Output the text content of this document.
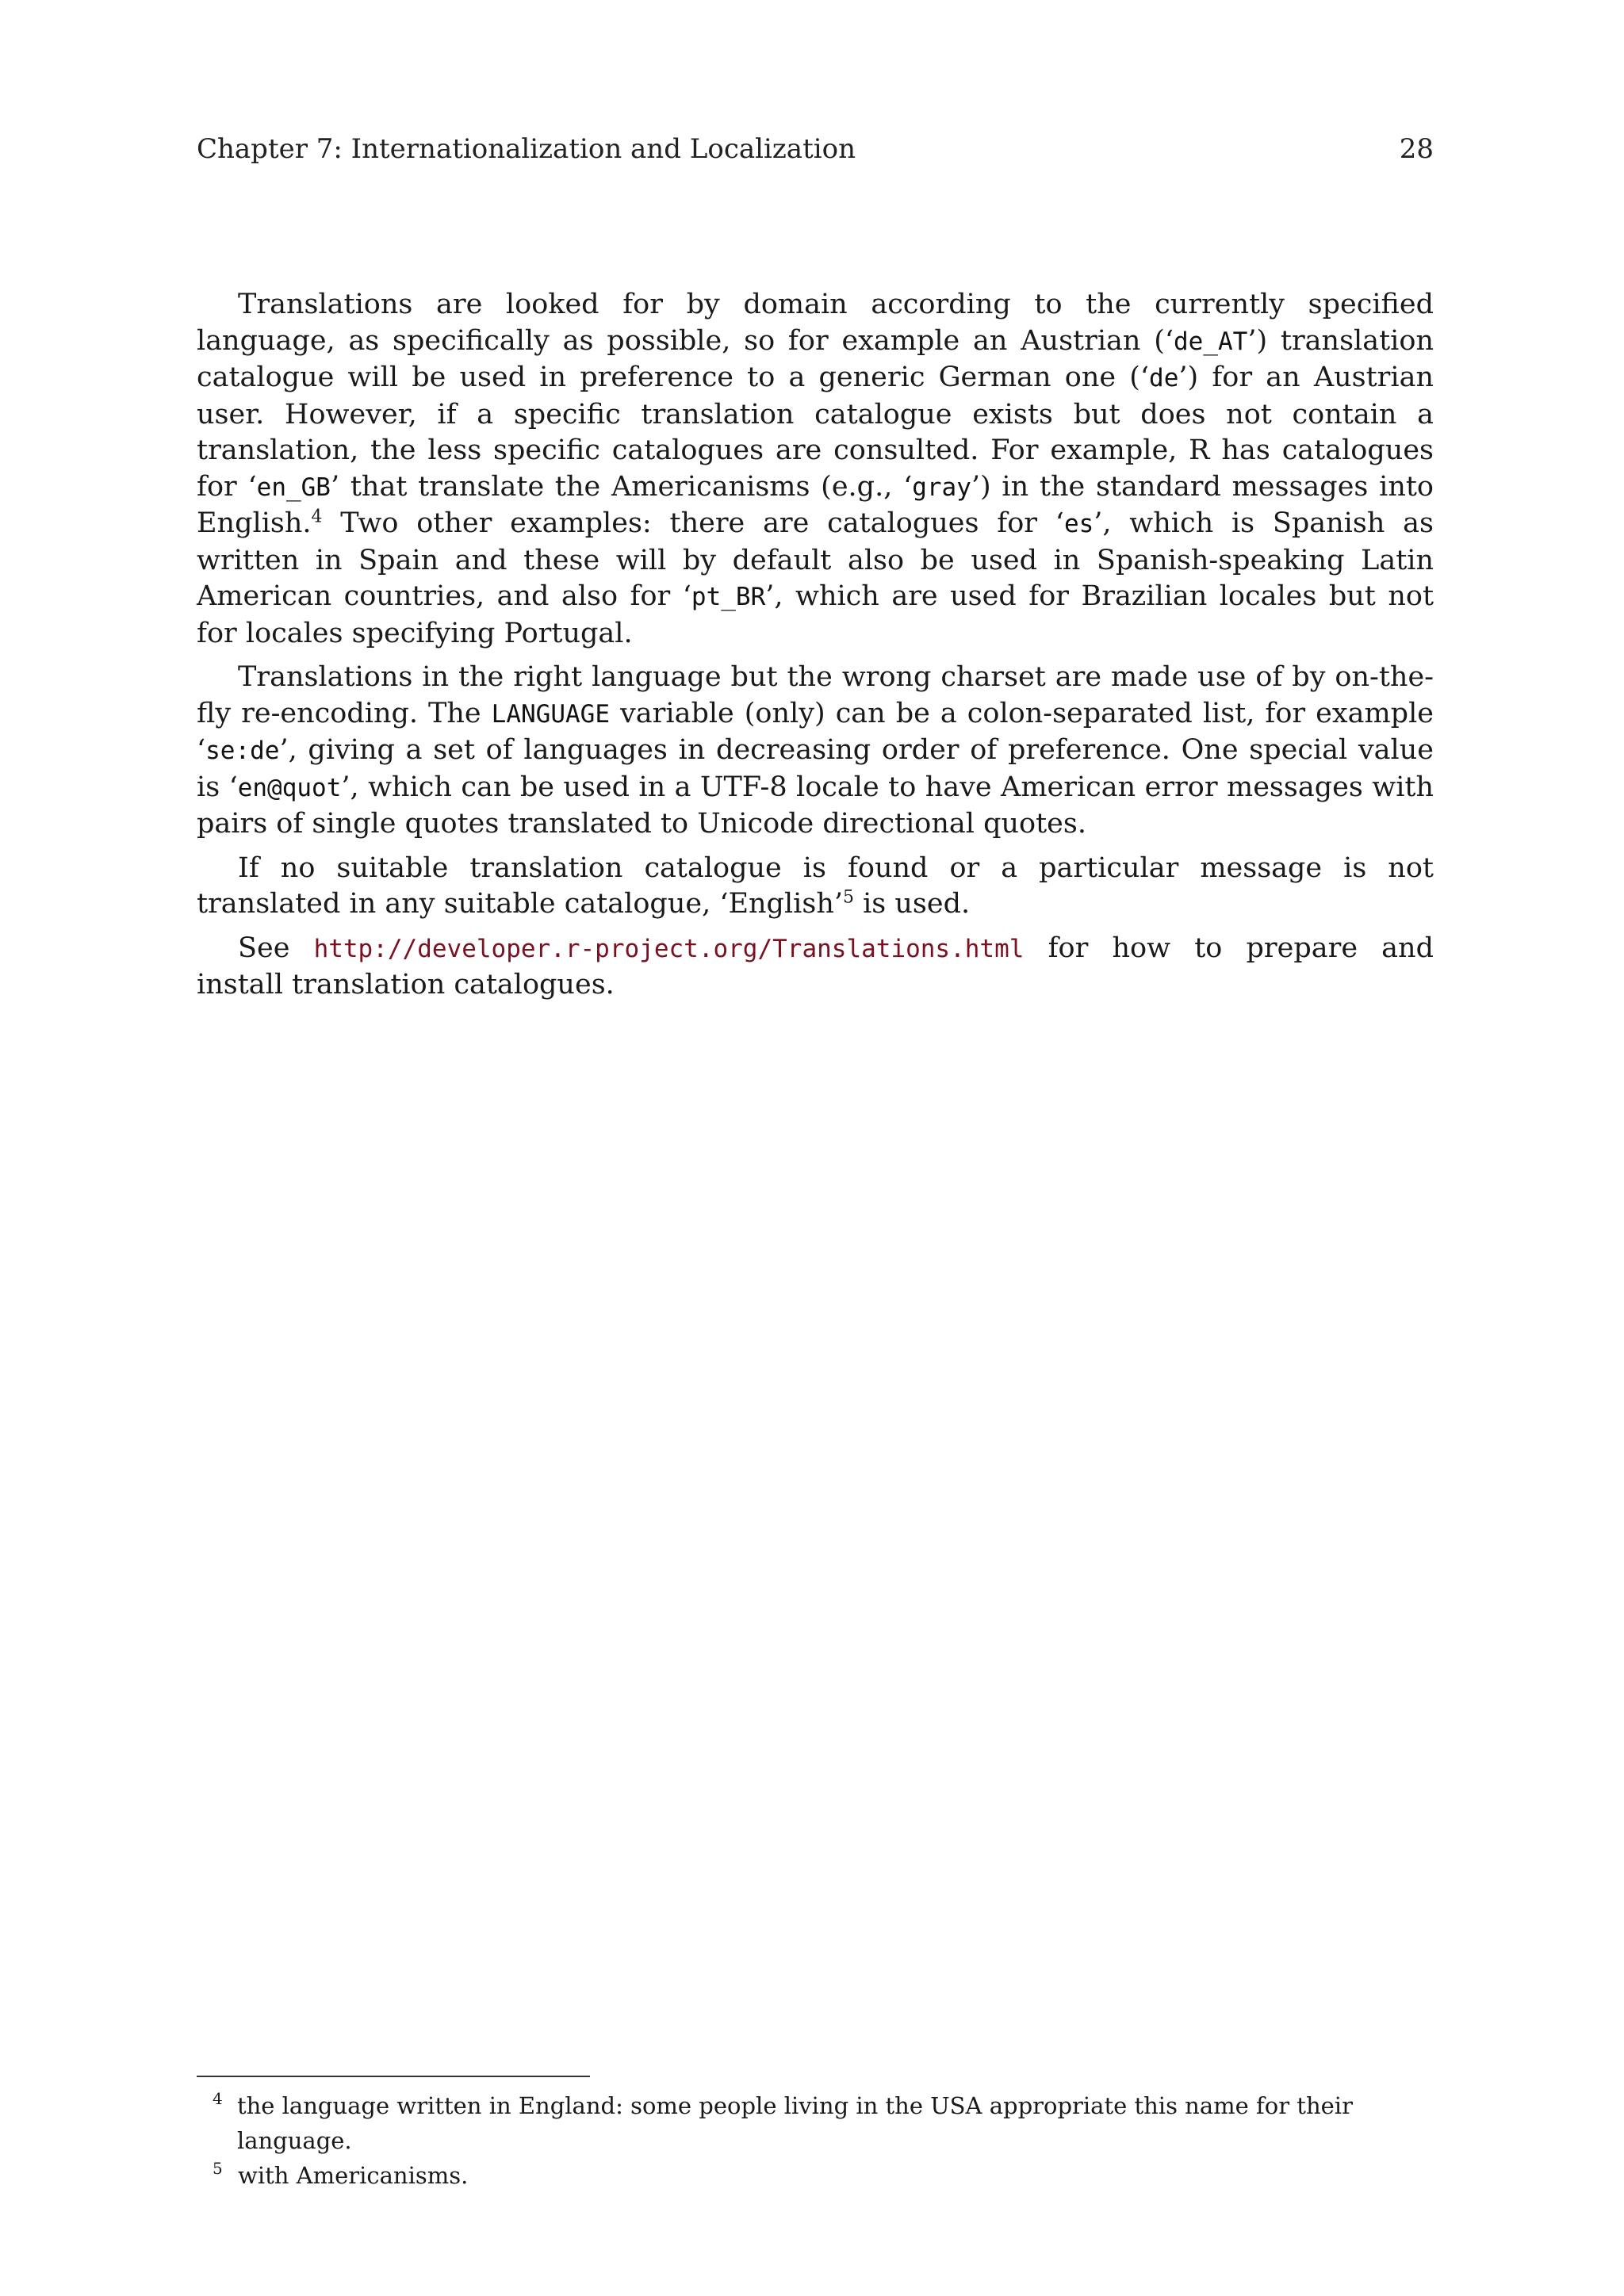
Chapter 7: Internationalization and Localization	28

Translations are looked for by domain according to the currently specified language, as specifically as possible, so for example an Austrian (‘de_AT’) translation catalogue will be used in preference to a generic German one (‘de’) for an Austrian user. However, if a specific translation catalogue exists but does not contain a translation, the less specific catalogues are consulted. For example, R has catalogues for ‘en_GB’ that translate the Americanisms (e.g., ‘gray’) in the standard messages into English.$^4$ Two other examples: there are catalogues for ‘es’, which is Spanish as written in Spain and these will by default also be used in Spanish-speaking Latin American countries, and also for ‘pt_BR’, which are used for Brazilian locales but not for locales specifying Portugal.

Translations in the right language but the wrong charset are made use of by on-the-fly re-encoding. The LANGUAGE variable (only) can be a colon-separated list, for example ‘se:de’, giving a set of languages in decreasing order of preference. One special value is ‘en@quot’, which can be used in a UTF-8 locale to have American error messages with pairs of single quotes translated to Unicode directional quotes.

If no suitable translation catalogue is found or a particular message is not translated in any suitable catalogue, ‘English’$^5$ is used.

See http://developer.r-project.org/Translations.html for how to prepare and install translation catalogues.

4 the language written in England: some people living in the USA appropriate this name for their language.
5 with Americanisms.
